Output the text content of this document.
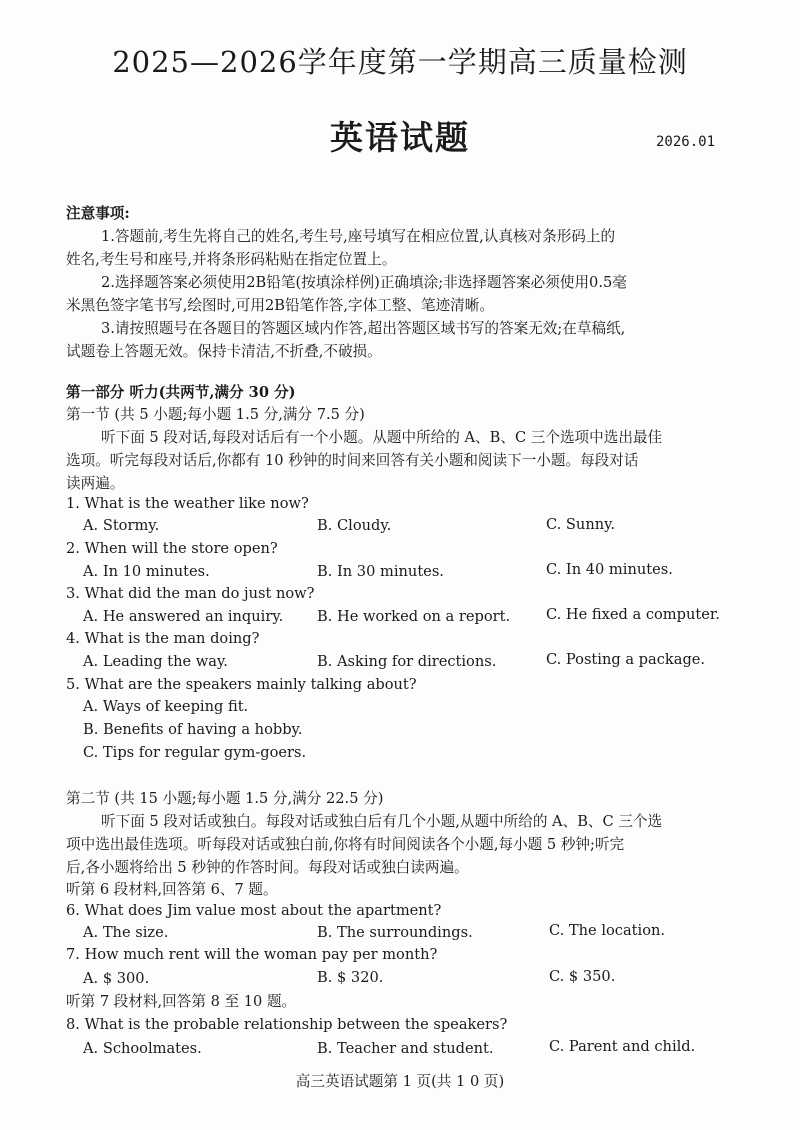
2025—2026学年度第一学期高三质量检测
英语试题	2026.01
注意事项:
1.答题前,考生先将自己的姓名,考生号,座号填写在相应位置,认真核对条形码上的
姓名,考生号和座号,并将条形码粘贴在指定位置上。
2.选择题答案必须使用2B铅笔(按填涂样例)正确填涂;非选择题答案必须使用0.5毫
米黑色签字笔书写,绘图时,可用2B铅笔作答,字体工整、笔迹清晰。
3.请按照题号在各题目的答题区域内作答,超出答题区域书写的答案无效;在草稿纸,
试题卷上答题无效。保持卡清洁,不折叠,不破损。
第一部分 听力(共两节,满分 30 分)
第一节 (共 5 小题;每小题 1.5 分,满分 7.5 分)
听下面 5 段对话,每段对话后有一个小题。从题中所给的 A、B、C 三个选项中选出最佳
选项。听完每段对话后,你都有 10 秒钟的时间来回答有关小题和阅读下一小题。每段对话
读两遍。
1. What is the weather like now?
A. Stormy.	B. Cloudy.	C. Sunny.
2. When will the store open?
A. In 10 minutes.	B. In 30 minutes.	C. In 40 minutes.
3. What did the man do just now?
A. He answered an inquiry. B. He worked on a report. C. He fixed a computer.
4. What is the man doing?
A. Leading the way.	B. Asking for directions.	C. Posting a package.
5. What are the speakers mainly talking about?
A. Ways of keeping fit.
B. Benefits of having a hobby.
C. Tips for regular gym-goers.
第二节 (共 15 小题;每小题 1.5 分,满分 22.5 分)
听下面 5 段对话或独白。每段对话或独白后有几个小题,从题中所给的 A、B、C 三个选
项中选出最佳选项。听每段对话或独白前,你将有时间阅读各个小题,每小题 5 秒钟;听完
后,各小题将给出 5 秒钟的作答时间。每段对话或独白读两遍。
听第 6 段材料,回答第 6、7 题。
6. What does Jim value most about the apartment?
A. The size.	B. The surroundings.	C. The location.
7. How much rent will the woman pay per month?
A. $ 300.	B. $ 320.	C. $ 350.
听第 7 段材料,回答第 8 至 10 题。
8. What is the probable relationship between the speakers?
A. Schoolmates.	B. Teacher and student.	C. Parent and child.
高三英语试题第 1 页(共 1 0 页)
